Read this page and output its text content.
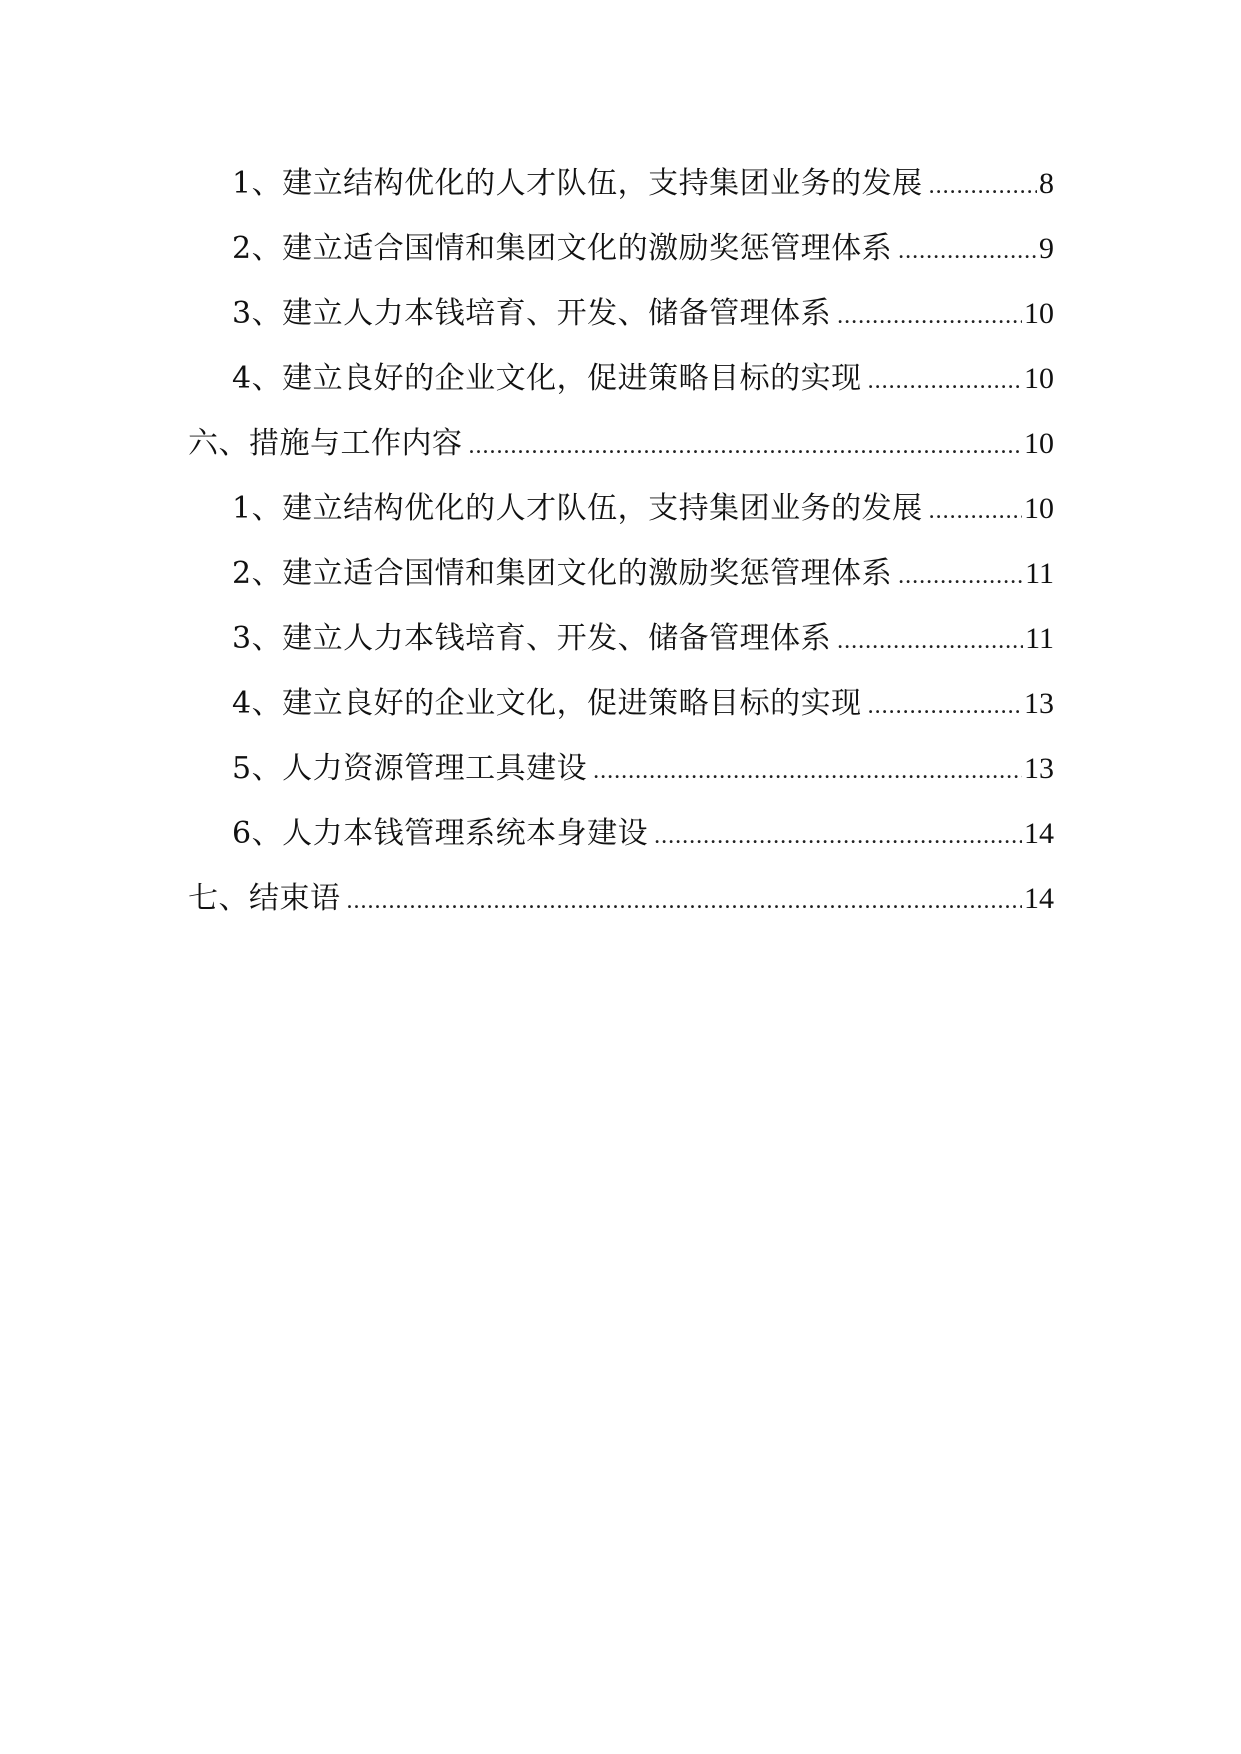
1、建立结构优化的人才队伍，支持集团业务的发展 .....	8
2、建立适合国情和集团文化的激励奖惩管理体系 .....	9
3、建立人力本钱培育、开发、储备管理体系 .....	10
4、建立良好的企业文化，促进策略目标的实现 .....	10
六、措施与工作内容 .....	10
1、建立结构优化的人才队伍，支持集团业务的发展 .....	10
2、建立适合国情和集团文化的激励奖惩管理体系 .....	11
3、建立人力本钱培育、开发、储备管理体系 .....	11
4、建立良好的企业文化，促进策略目标的实现 .....	13
5、人力资源管理工具建设 .....	13
6、人力本钱管理系统本身建设 .....	14
七、结束语 .....	14
